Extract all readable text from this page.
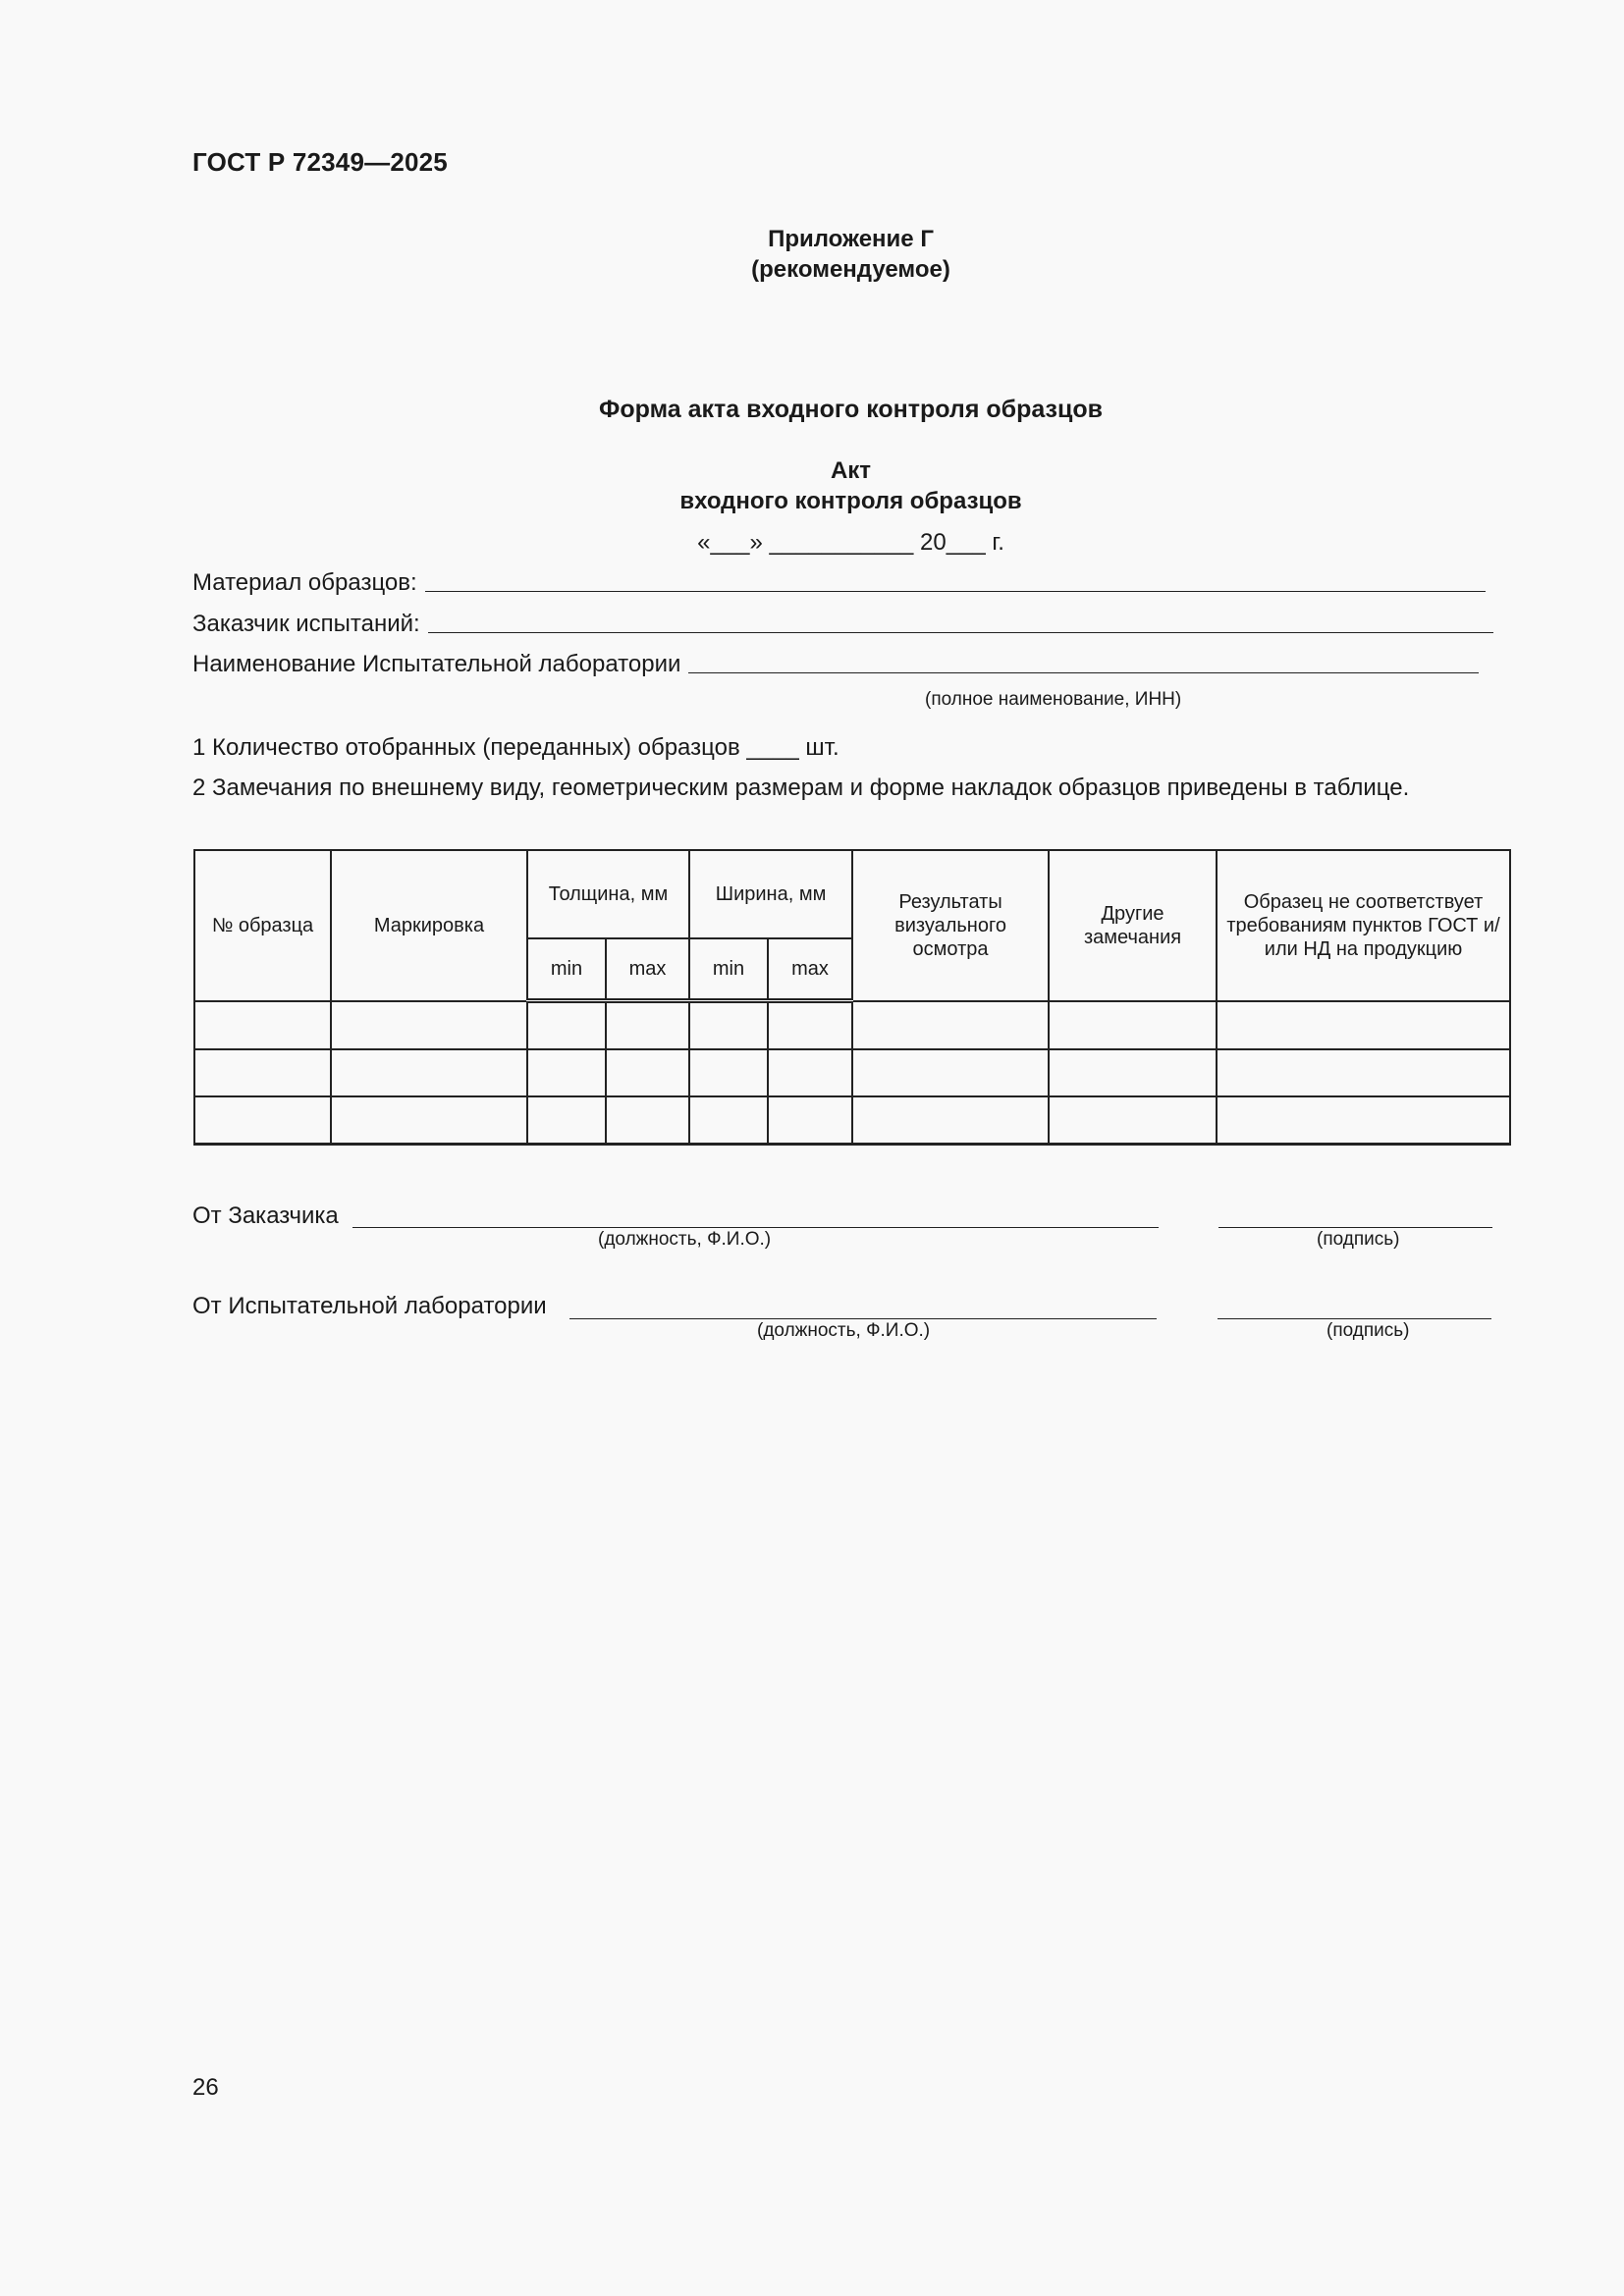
ГОСТ Р 72349—2025
Приложение Г
(рекомендуемое)
Форма акта входного контроля образцов
Акт
входного контроля образцов
«___» ___________ 20___ г.
Материал образцов:
Заказчик испытаний:
Наименование Испытательной лаборатории
(полное наименование, ИНН)
1 Количество отобранных (переданных) образцов ____ шт.
2 Замечания по внешнему виду, геометрическим размерам и форме накладок образцов приведены в таблице.
№ образца	Маркировка	Толщина, мм		Ширина, мм		Результаты визуального осмотра	Другие замечания	Образец не соответствует требованиям пунктов ГОСТ и/или НД на продукцию
		min	max	min	max			

От Заказчика
(должность, Ф.И.О.)	(подпись)
От Испытательной лаборатории
(должность, Ф.И.О.)	(подпись)
26
